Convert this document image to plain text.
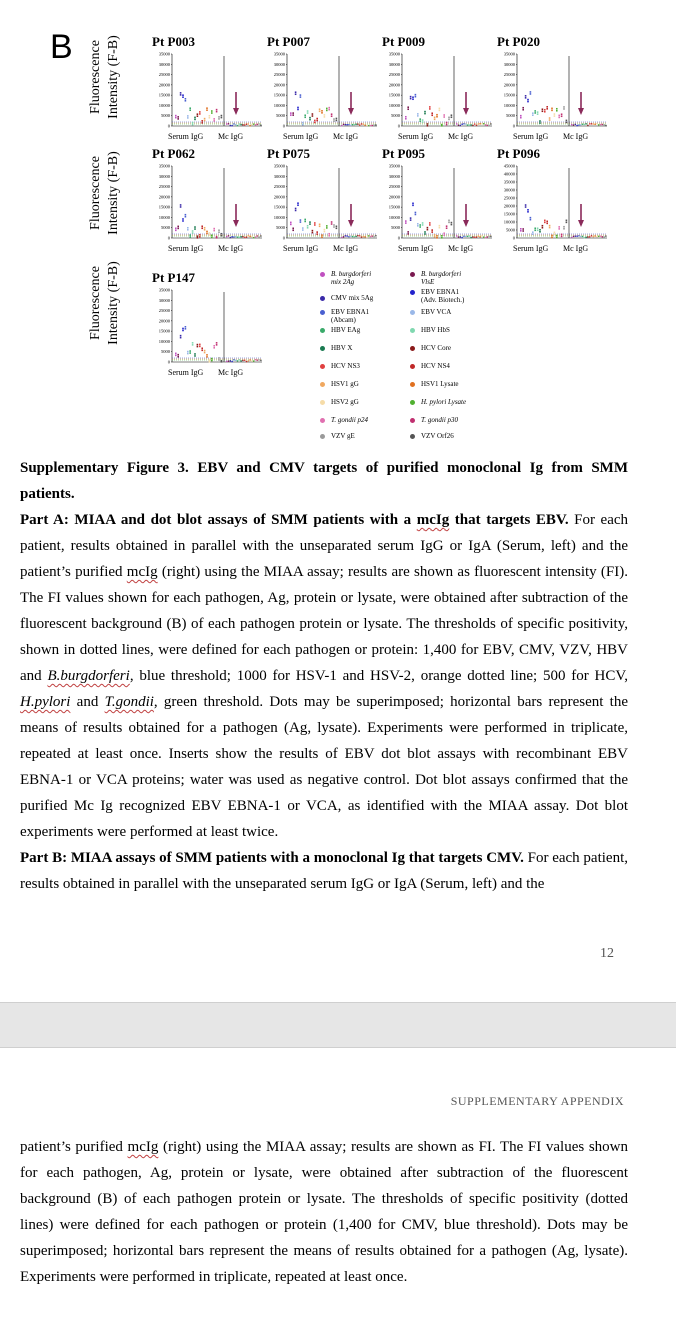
B Fluorescence Intensity (F-B)
Fluorescence Intensity (F-B)
Fluorescence Intensity (F-B)
Pt P003
35000
30000
25000
20000
15000
10000
5000
0
Serum IgG Mc IgG
Pt P007
35000
30000
25000
20000
15000
10000
5000
0
Serum IgG Mc IgG
Pt P009
35000
30000
25000
20000
15000
10000
5000
0
Serum IgG Mc IgG
Pt P020
35000
30000
25000
20000
15000
10000
5000
0
Serum IgG Mc IgG
Pt P062
35000
30000
25000
20000
15000
10000
5000
0
Serum IgG Mc IgG
Pt P075
35000
30000
25000
20000
15000
10000
5000
0
Serum IgG Mc IgG
Pt P095
35000
30000
25000
20000
15000
10000
5000
0
Serum IgG Mc IgG
Pt P096
45000
40000
35000
30000
25000
20000
15000
10000
5000
0
Serum IgG Mc IgG
Pt P147
35000
30000
25000
20000
15000
10000
5000
0
Serum IgG Mc IgG
B. burgdorferi
mix 2Ag
B. burgdorferi
VlsE
CMV mix 5Ag
EBV EBNA1
(Adv. Biotech.)
EBV EBNA1
(Abcam)
EBV VCA
HBV EAg	HBV HbS
HBV X	HCV Core
HCV NS3	HCV NS4
HSV1 gG	HSV1 Lysate
HSV2 gG	H. pylori Lysate
T. gondii p24	T. gondii p30
VZV gE	VZV Orf26

Supplementary Figure 3. EBV and CMV targets of purified monoclonal Ig from SMM patients.

Part A: MIAA and dot blot assays of SMM patients with a mcIg that targets EBV. For each patient, results obtained in parallel with the unseparated serum IgG or IgA (Serum, left) and the patient’s purified mcIg (right) using the MIAA assay; results are shown as fluorescent intensity (FI). The FI values shown for each pathogen, Ag, protein or lysate, were obtained after subtraction of the fluorescent background (B) of each pathogen protein or lysate. The thresholds of specific positivity, shown in dotted lines, were defined for each pathogen or protein: 1,400 for EBV, CMV, VZV, HBV and B.burgdorferi, blue threshold; 1000 for HSV-1 and HSV-2, orange dotted line; 500 for HCV, H.pylori and T.gondii, green threshold. Dots may be superimposed; horizontal bars represent the means of results obtained for a pathogen (Ag, lysate). Experiments were performed in triplicate, repeated at least once. Inserts show the results of EBV dot blot assays with recombinant EBV EBNA-1 or VCA proteins; water was used as negative control. Dot blot assays confirmed that the purified Mc Ig recognized EBV EBNA-1 or VCA, as identified with the MIAA assay. Dot blot experiments were performed at least twice.

Part B: MIAA assays of SMM patients with a monoclonal Ig that targets CMV. For each patient, results obtained in parallel with the unseparated serum IgG or IgA (Serum, left) and the

12
SUPPLEMENTARY APPENDIX

patient’s purified mcIg (right) using the MIAA assay; results are shown as FI. The FI values shown for each pathogen, Ag, protein or lysate, were obtained after subtraction of the fluorescent background (B) of each pathogen protein or lysate. The thresholds of specific positivity (dotted lines) were defined for each pathogen or protein (1,400 for CMV, blue threshold). Dots may be superimposed; horizontal bars represent the means of results obtained for a pathogen (Ag, lysate). Experiments were performed in triplicate, repeated at least once.
